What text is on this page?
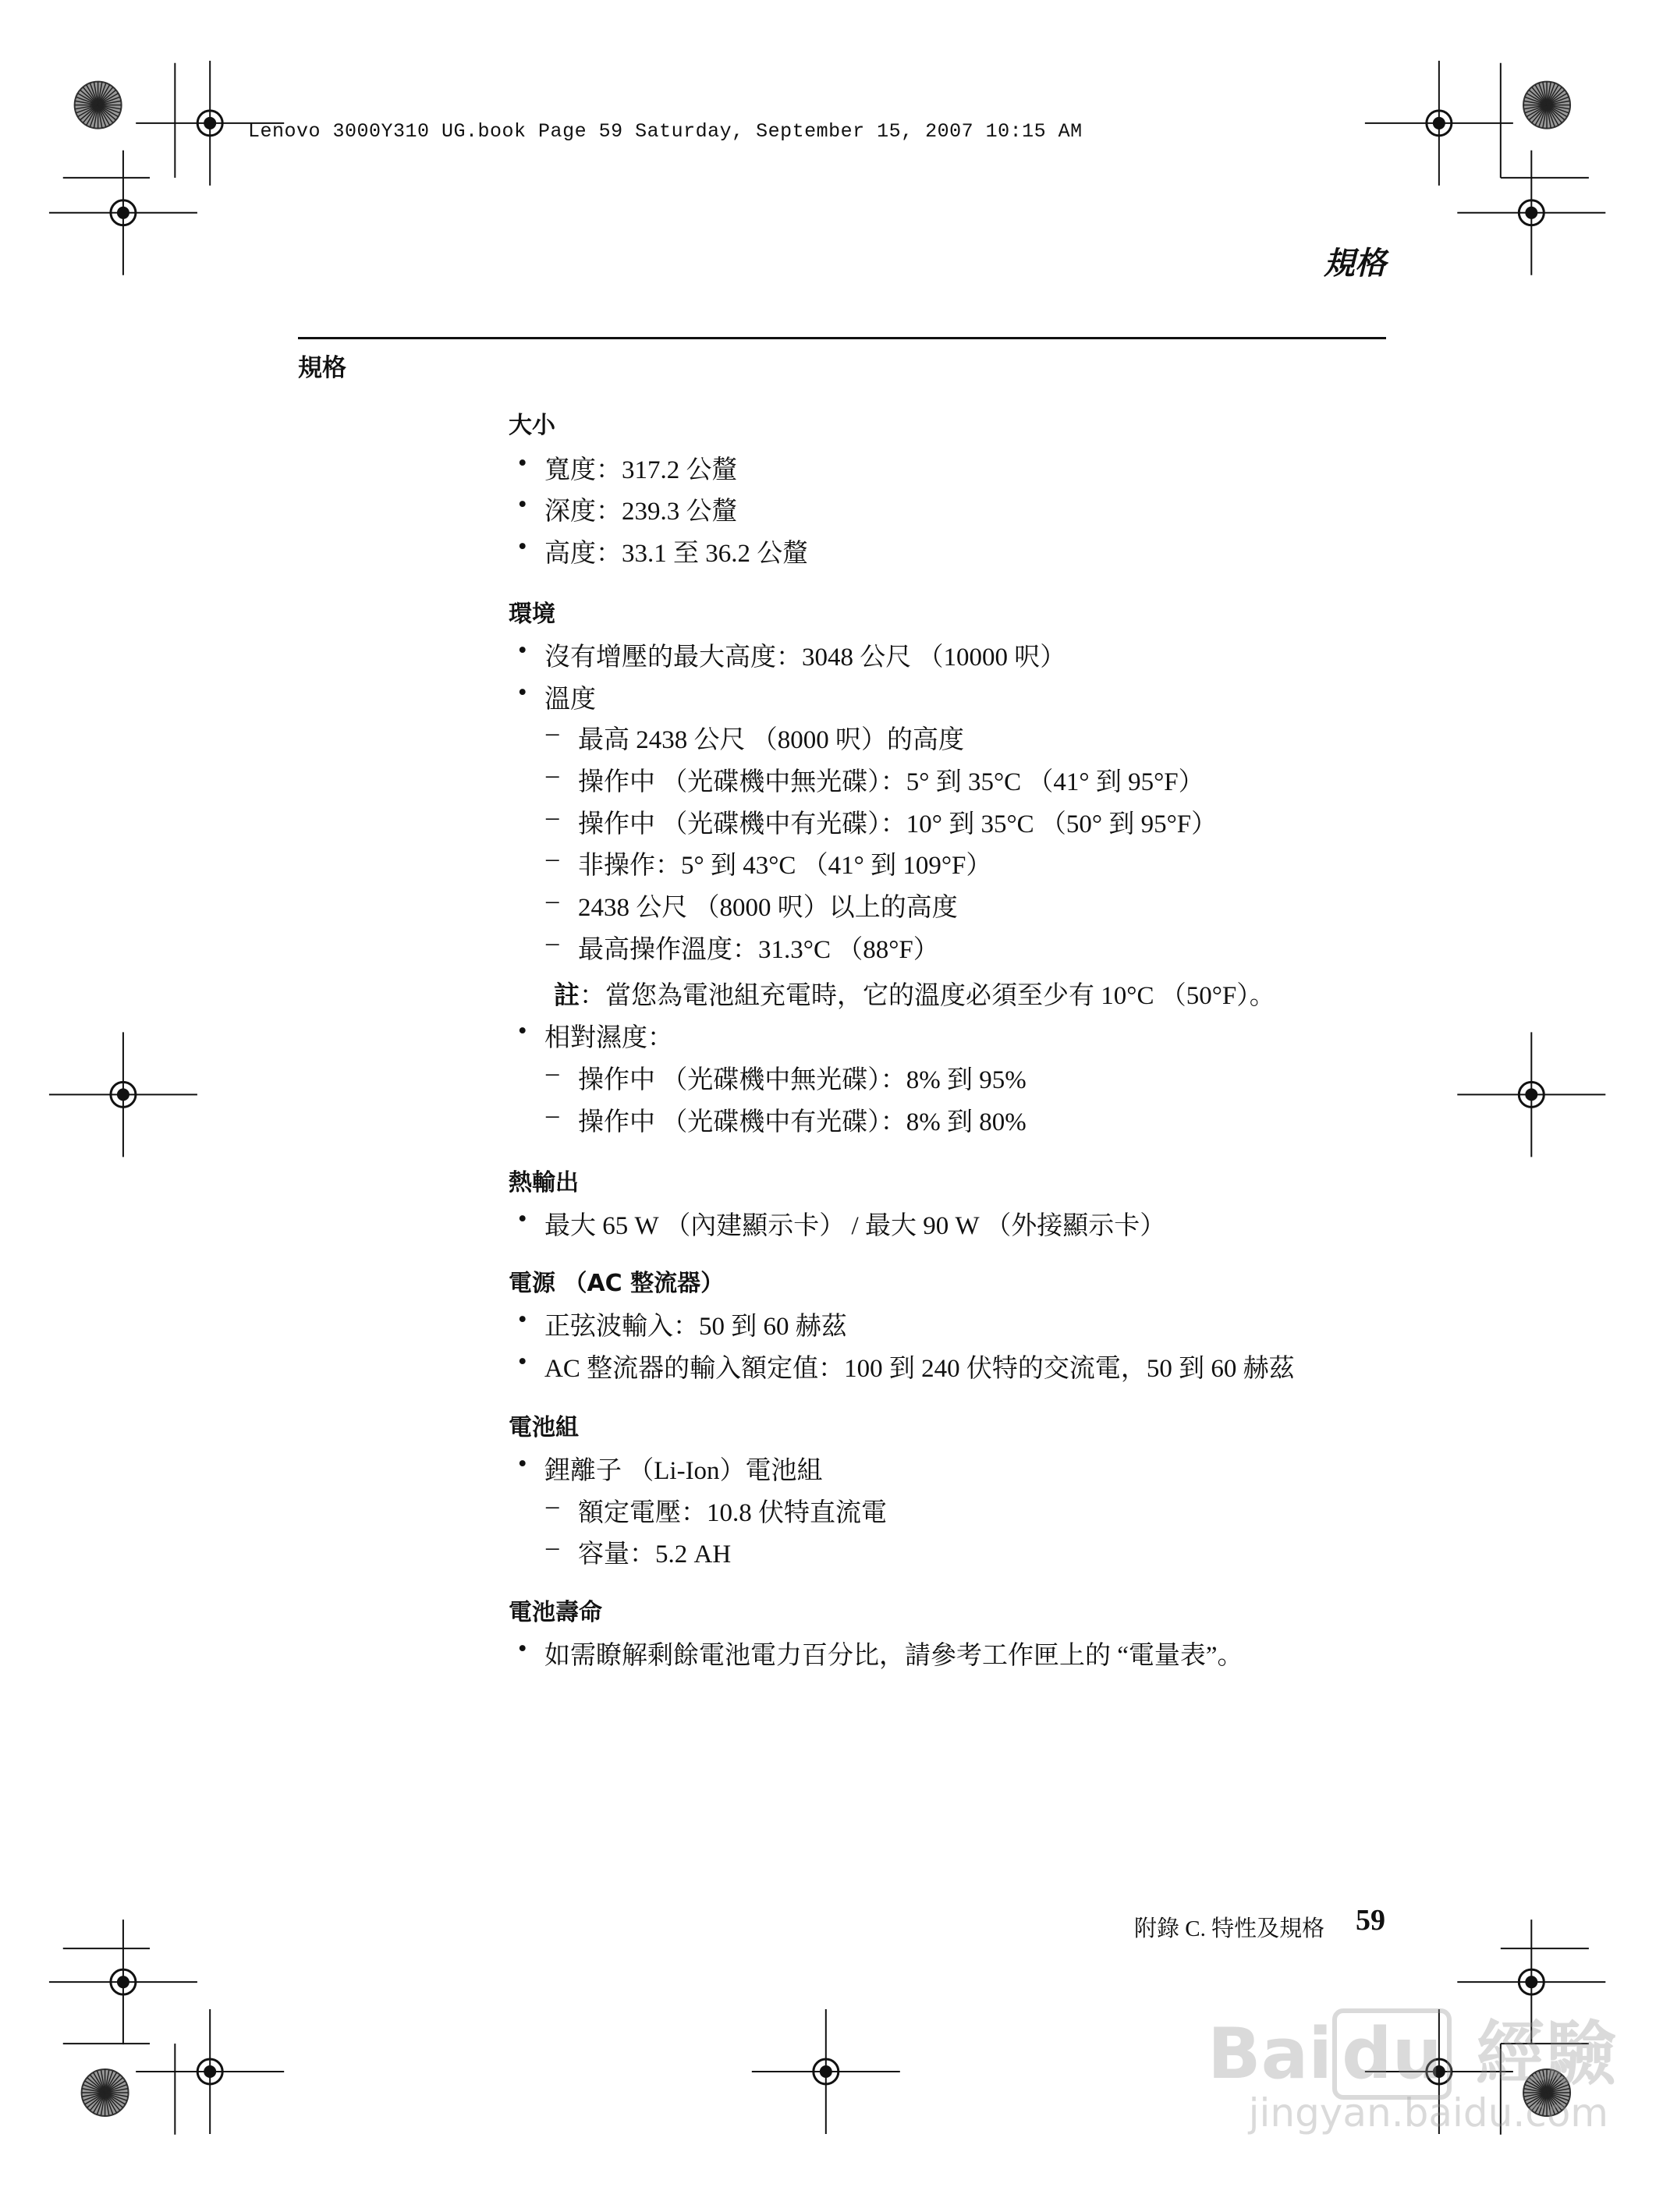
Lenovo 3000Y310 UG.book Page 59 Saturday, September 15, 2007 10:15 AM
規格
規格
大小
• 寬度：317.2 公釐
• 深度：239.3 公釐
• 高度：33.1 至 36.2 公釐
環境
• 沒有增壓的最大高度：3048 公尺 （10000 呎）
• 溫度
– 最高 2438 公尺 （8000 呎）的高度
– 操作中 （光碟機中無光碟）：5° 到 35°C （41° 到 95°F）
– 操作中 （光碟機中有光碟）：10° 到 35°C （50° 到 95°F）
– 非操作：5° 到 43°C （41° 到 109°F）
– 2438 公尺 （8000 呎）以上的高度
– 最高操作溫度：31.3°C （88°F）
註：當您為電池組充電時，它的溫度必須至少有 10°C （50°F）。
• 相對濕度：
– 操作中 （光碟機中無光碟）：8% 到 95%
– 操作中 （光碟機中有光碟）：8% 到 80%
熱輸出
• 最大 65 W （內建顯示卡） / 最大 90 W （外接顯示卡）
電源 （AC 整流器）
• 正弦波輸入：50 到 60 赫茲
• AC 整流器的輸入額定值：100 到 240 伏特的交流電，50 到 60 赫茲
電池組
• 鋰離子 （Li-Ion）電池組
– 額定電壓：10.8 伏特直流電
– 容量：5.2 AH
電池壽命
• 如需瞭解剩餘電池電力百分比，請參考工作匣上的 “電量表”。
附錄 C. 特性及規格 59
Bai du 經驗
jingyan.baidu.com
